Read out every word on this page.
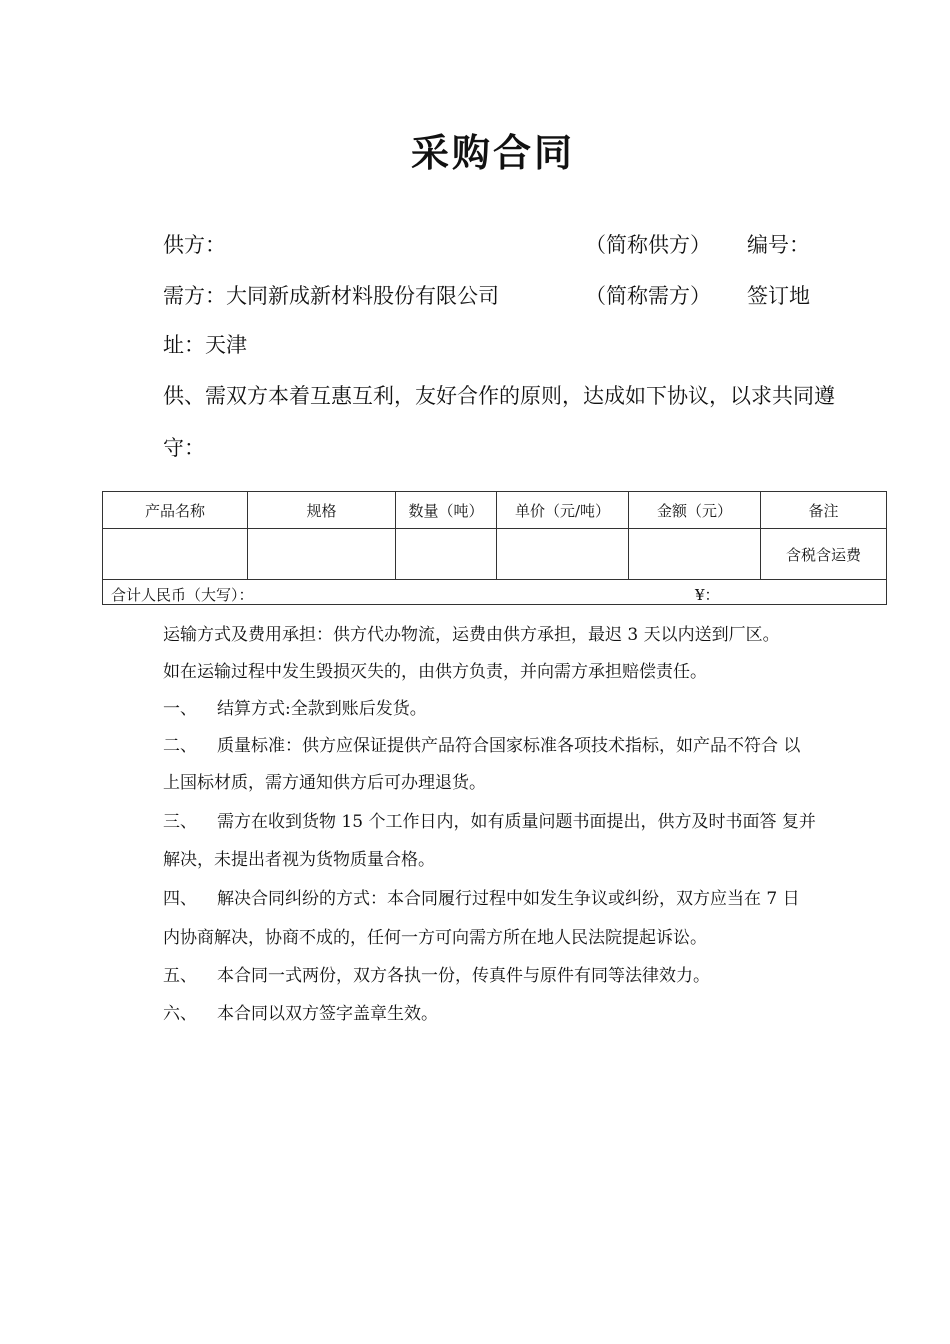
采购合同
供方：	（简称供方） 编号：
需方：大同新成新材料股份有限公司	（简称需方） 签订地
址：天津
供、需双方本着互惠互利，友好合作的原则，达成如下协议，以求共同遵
守：
产品名称	规格	数量（吨）	单价（元/吨）	金额（元）	备注
					含税含运费

合计人民币（大写）： ¥：					
运输方式及费用承担：供方代办物流，运费由供方承担，最迟 3 天以内送到厂区。
如在运输过程中发生毁损灭失的，由供方负责，并向需方承担赔偿责任。
一、 结算方式:全款到账后发货。
二、 质量标准：供方应保证提供产品符合国家标准各项技术指标，如产品不符合 以
上国标材质，需方通知供方后可办理退货。
三、 需方在收到货物 15 个工作日内，如有质量问题书面提出，供方及时书面答 复并
解决，未提出者视为货物质量合格。
四、 解决合同纠纷的方式：本合同履行过程中如发生争议或纠纷，双方应当在 7 日
内协商解决，协商不成的，任何一方可向需方所在地人民法院提起诉讼。
五、 本合同一式两份，双方各执一份，传真件与原件有同等法律效力。
六、 本合同以双方签字盖章生效。
